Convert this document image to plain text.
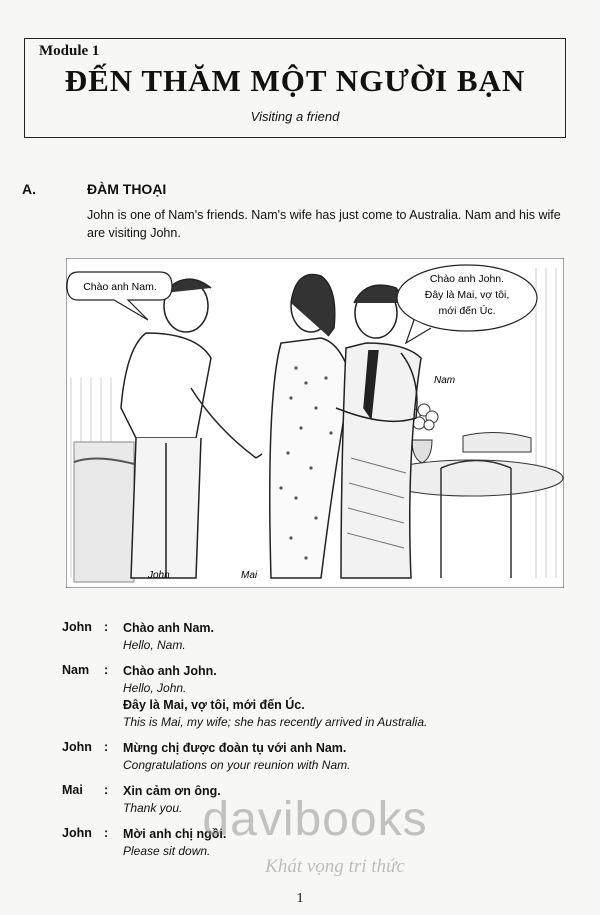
Module 1
ĐẾN THĂM MỘT NGƯỜI BẠN
Visiting a friend
A.	ĐÀM THOẠI
John is one of Nam's friends. Nam's wife has just come to Australia. Nam and his wife are visiting John.
Chào anh Nam.
Chào anh John.
Đây là Mai, vợ tôi,
mới đến Úc.
Nam
John	Mai
John : Chào anh Nam.
Hello, Nam.
Nam	: Chào anh John.
Hello, John.
Đây là Mai, vợ tôi, mới đến Úc.
This is Mai, my wife; she has recently arrived in Australia.
John : Mừng chị được đoàn tụ với anh Nam.
Congratulations on your reunion with Nam.
Mai	: Xin cảm ơn ông.
Thank you.
John : Mời anh chị ngồi.
Please sit down.
davibooks
Khát vọng tri thức
1
